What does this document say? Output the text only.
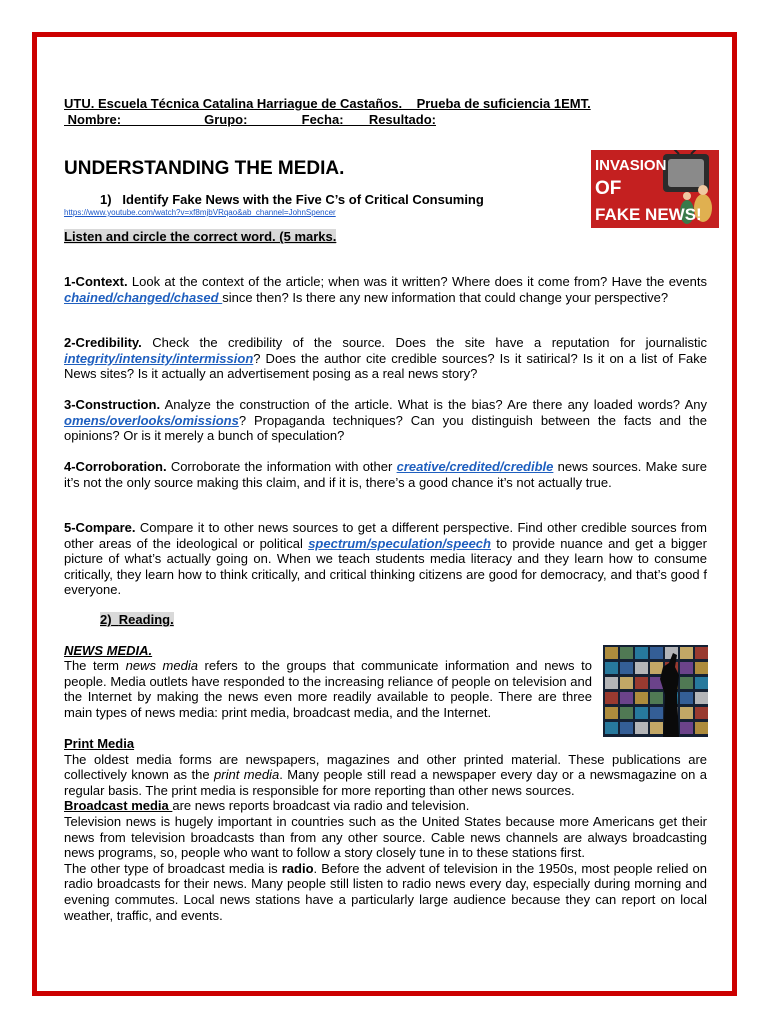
UTU. Escuela Técnica Catalina Harriague de Castaños.    Prueba de suficiencia 1EMT.
Nombre:                       Grupo:               Fecha:       Resultado:
UNDERSTANDING THE MEDIA.
1) Identify Fake News with the Five C’s of Critical Consuming
https://www.youtube.com/watch?v=xf8mjbVRqao&ab_channel=JohnSpencer
Listen and circle the correct word. (5 marks.
INVASION
OF
FAKE NEWS!
1-Context. Look at the context of the article; when was it written? Where does it come from? Have the events chained/changed/chased since then? Is there any new information that could change your perspective?
2-Credibility. Check the credibility of the source. Does the site have a reputation for journalistic integrity/intensity/intermission? Does the author cite credible sources? Is it satirical? Is it on a list of Fake News sites? Is it actually an advertisement posing as a real news story?
3-Construction. Analyze the construction of the article. What is the bias? Are there any loaded words? Any omens/overlooks/omissions? Propaganda techniques? Can you distinguish between the facts and the opinions? Or is it merely a bunch of speculation?
4-Corroboration. Corroborate the information with other creative/credited/credible news sources. Make sure it’s not the only source making this claim, and if it is, there’s a good chance it’s not actually true.
5-Compare. Compare it to other news sources to get a different perspective. Find other credible sources from other areas of the ideological or political spectrum/speculation/speech to provide nuance and get a bigger picture of what’s actually going on. When we teach students media literacy and they learn how to consume critically, they learn how to think critically, and critical thinking citizens are good for democracy, and that’s good f everyone.
2) Reading.
NEWS MEDIA.
The term news media refers to the groups that communicate information and news to people. Media outlets have responded to the increasing reliance of people on television and the Internet by making the news even more readily available to people. There are three main types of news media: print media, broadcast media, and the Internet.
Print Media
The oldest media forms are newspapers, magazines and other printed material. These publications are collectively known as the print media. Many people still read a newspaper every day or a newsmagazine on a regular basis. The print media is responsible for more reporting than other news sources.
Broadcast media are news reports broadcast via radio and television.
Television news is hugely important in countries such as the United States because more Americans get their news from television broadcasts than from any other source. Cable news channels are always broadcasting news programs, so, people who want to follow a story closely tune in to these stations first.
The other type of broadcast media is radio. Before the advent of television in the 1950s, most people relied on radio broadcasts for their news. Many people still listen to radio news every day, especially during morning and evening commutes. Local news stations have a particularly large audience because they can report on local weather, traffic, and events.
